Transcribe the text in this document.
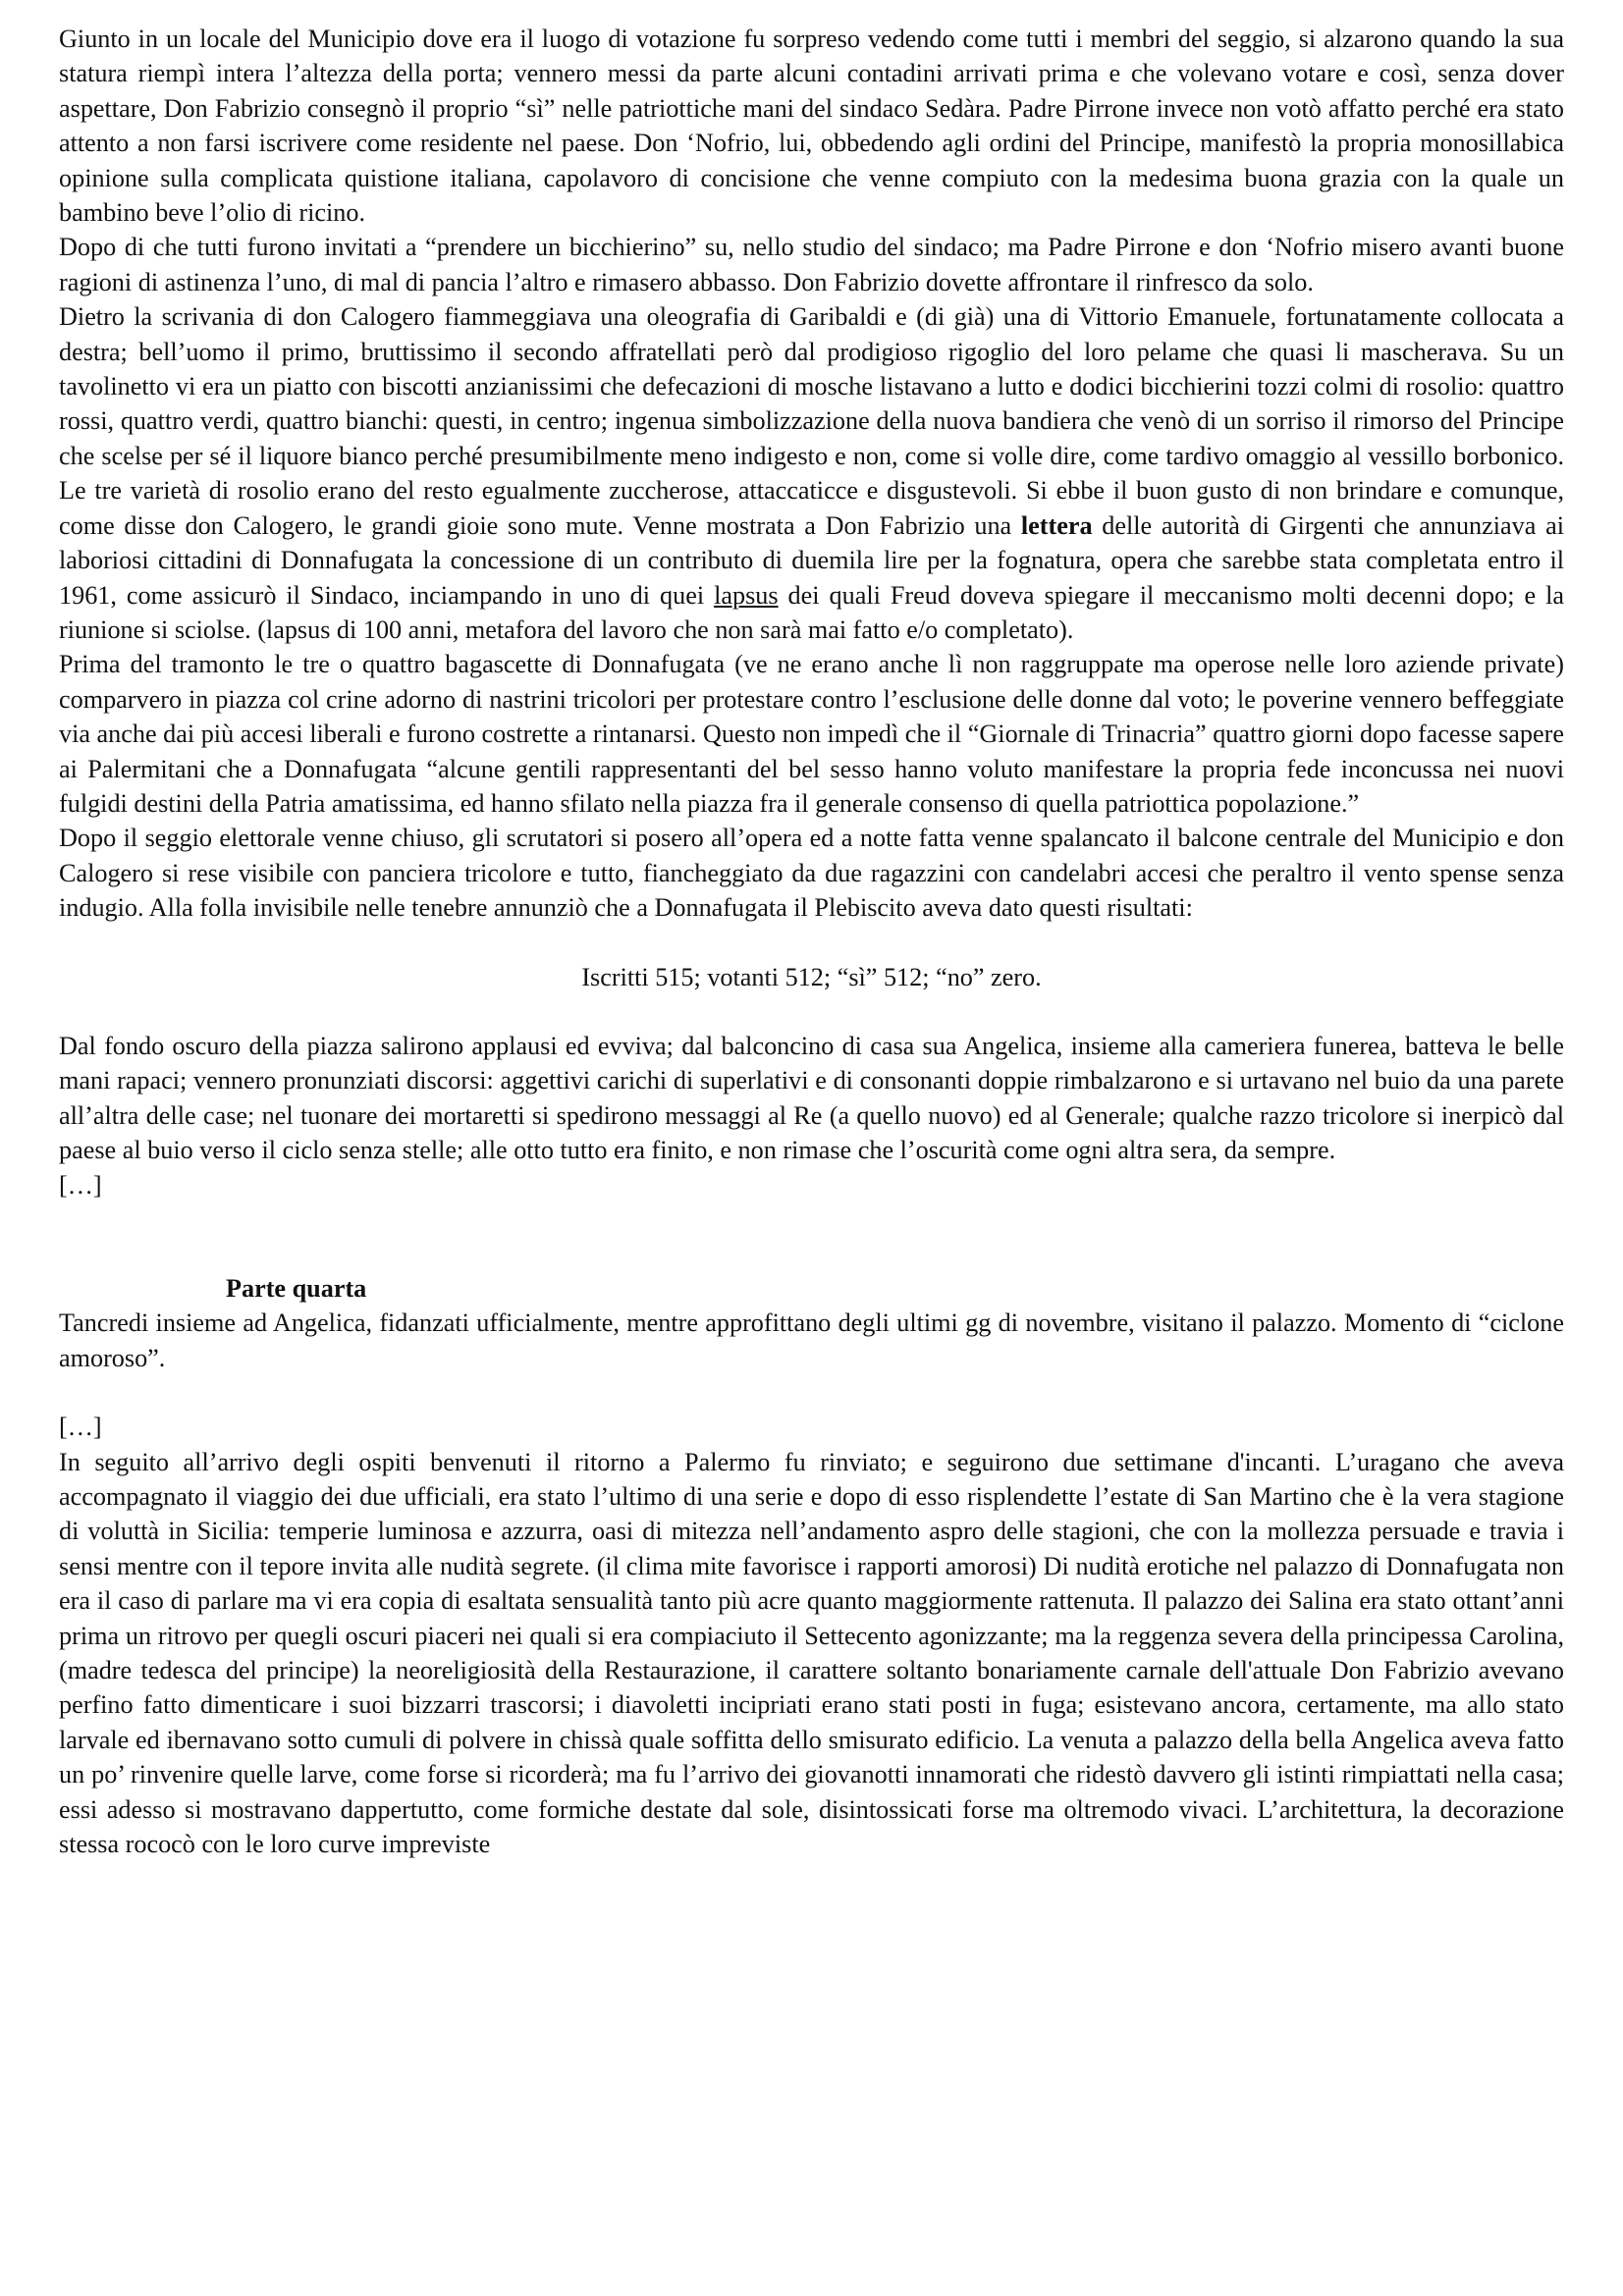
Giunto in un locale del Municipio dove era il luogo di votazione fu sorpreso vedendo come tutti i membri del seggio, si alzarono quando la sua statura riempì intera l’altezza della porta; vennero messi da parte alcuni contadini arrivati prima e che volevano votare e così, senza dover aspettare, Don Fabrizio consegnò il proprio “sì” nelle patriottiche mani del sindaco Sedàra. Padre Pirrone invece non votò affatto perché era stato attento a non farsi iscrivere come residente nel paese. Don ‘Nofrio, lui, obbedendo agli ordini del Principe, manifestò la propria monosillabica opinione sulla complicata quistione italiana, capolavoro di concisione che venne compiuto con la medesima buona grazia con la quale un bambino beve l’olio di ricino.

Dopo di che tutti furono invitati a “prendere un bicchierino” su, nello studio del sindaco; ma Padre Pirrone e don ‘Nofrio misero avanti buone ragioni di astinenza l’uno, di mal di pancia l’altro e rimasero abbasso. Don Fabrizio dovette affrontare il rinfresco da solo.

Dietro la scrivania di don Calogero fiammeggiava una oleografia di Garibaldi e (di già) una di Vittorio Emanuele, fortunatamente collocata a destra; bell’uomo il primo, bruttissimo il secondo affratellati però dal prodigioso rigoglio del loro pelame che quasi li mascherava. Su un tavolinetto vi era un piatto con biscotti anzianissimi che defecazioni di mosche listavano a lutto e dodici bicchierini tozzi colmi di rosolio: quattro rossi, quattro verdi, quattro bianchi: questi, in centro; ingenua simbolizzazione della nuova bandiera che venò di un sorriso il rimorso del Principe che scelse per sé il liquore bianco perché presumibilmente meno indigesto e non, come si volle dire, come tardivo omaggio al vessillo borbonico. Le tre varietà di rosolio erano del resto egualmente zuccherose, attaccaticce e disgustevoli. Si ebbe il buon gusto di non brindare e comunque, come disse don Calogero, le grandi gioie sono mute. Venne mostrata a Don Fabrizio una lettera delle autorità di Girgenti che annunziava ai laboriosi cittadini di Donnafugata la concessione di un contributo di duemila lire per la fognatura, opera che sarebbe stata completata entro il 1961, come assicurò il Sindaco, inciampando in uno di quei lapsus dei quali Freud doveva spiegare il meccanismo molti decenni dopo; e la riunione si sciolse. (lapsus di 100 anni, metafora del lavoro che non sarà mai fatto e/o completato).

Prima del tramonto le tre o quattro bagascette di Donnafugata (ve ne erano anche lì non raggruppate ma operose nelle loro aziende private) comparvero in piazza col crine adorno di nastrini tricolori per protestare contro l’esclusione delle donne dal voto; le poverine vennero beffeggiate via anche dai più accesi liberali e furono costrette a rintanarsi. Questo non impedì che il “Giornale di Trinacria” quattro giorni dopo facesse sapere ai Palermitani che a Donnafugata “alcune gentili rappresentanti del bel sesso hanno voluto manifestare la propria fede inconcussa nei nuovi fulgidi destini della Patria amatissima, ed hanno sfilato nella piazza fra il generale consenso di quella patriottica popolazione.”

Dopo il seggio elettorale venne chiuso, gli scrutatori si posero all’opera ed a notte fatta venne spalancato il balcone centrale del Municipio e don Calogero si rese visibile con panciera tricolore e tutto, fiancheggiato da due ragazzini con candelabri accesi che peraltro il vento spense senza indugio. Alla folla invisibile nelle tenebre annunziò che a Donnafugata il Plebiscito aveva dato questi risultati:

Iscritti 515; votanti 512; “sì” 512; “no” zero.

Dal fondo oscuro della piazza salirono applausi ed evviva; dal balconcino di casa sua Angelica, insieme alla cameriera funerea, batteva le belle mani rapaci; vennero pronunziati discorsi: aggettivi carichi di superlativi e di consonanti doppie rimbalzarono e si urtavano nel buio da una parete all’altra delle case; nel tuonare dei mortaretti si spedirono messaggi al Re (a quello nuovo) ed al Generale; qualche razzo tricolore si inerpicò dal paese al buio verso il ciclo senza stelle; alle otto tutto era finito, e non rimase che l’oscurità come ogni altra sera, da sempre.

[…]

Parte quarta

Tancredi insieme ad Angelica, fidanzati ufficialmente, mentre approfittano degli ultimi gg di novembre, visitano il palazzo. Momento di “ciclone amoroso”.

[…]

In seguito all’arrivo degli ospiti benvenuti il ritorno a Palermo fu rinviato; e seguirono due settimane d'incanti. L’uragano che aveva accompagnato il viaggio dei due ufficiali, era stato l’ultimo di una serie e dopo di esso risplendette l’estate di San Martino che è la vera stagione di voluttà in Sicilia: temperie luminosa e azzurra, oasi di mitezza nell’andamento aspro delle stagioni, che con la mollezza persuade e travia i sensi mentre con il tepore invita alle nudità segrete. (il clima mite favorisce i rapporti amorosi) Di nudità erotiche nel palazzo di Donnafugata non era il caso di parlare ma vi era copia di esaltata sensualità tanto più acre quanto maggiormente rattenuta. Il palazzo dei Salina era stato ottant’anni prima un ritrovo per quegli oscuri piaceri nei quali si era compiaciuto il Settecento agonizzante; ma la reggenza severa della principessa Carolina,(madre tedesca del principe) la neoreligiosità della Restaurazione, il carattere soltanto bonariamente carnale dell'attuale Don Fabrizio avevano perfino fatto dimenticare i suoi bizzarri trascorsi; i diavoletti incipriati erano stati posti in fuga; esistevano ancora, certamente, ma allo stato larvale ed ibernavano sotto cumuli di polvere in chissà quale soffitta dello smisurato edificio. La venuta a palazzo della bella Angelica aveva fatto un po’ rinvenire quelle larve, come forse si ricorderà; ma fu l’arrivo dei giovanotti innamorati che ridestò davvero gli istinti rimpiattati nella casa; essi adesso si mostravano dappertutto, come formiche destate dal sole, disintossicati forse ma oltremodo vivaci. L’architettura, la decorazione stessa rococò con le loro curve impreviste
